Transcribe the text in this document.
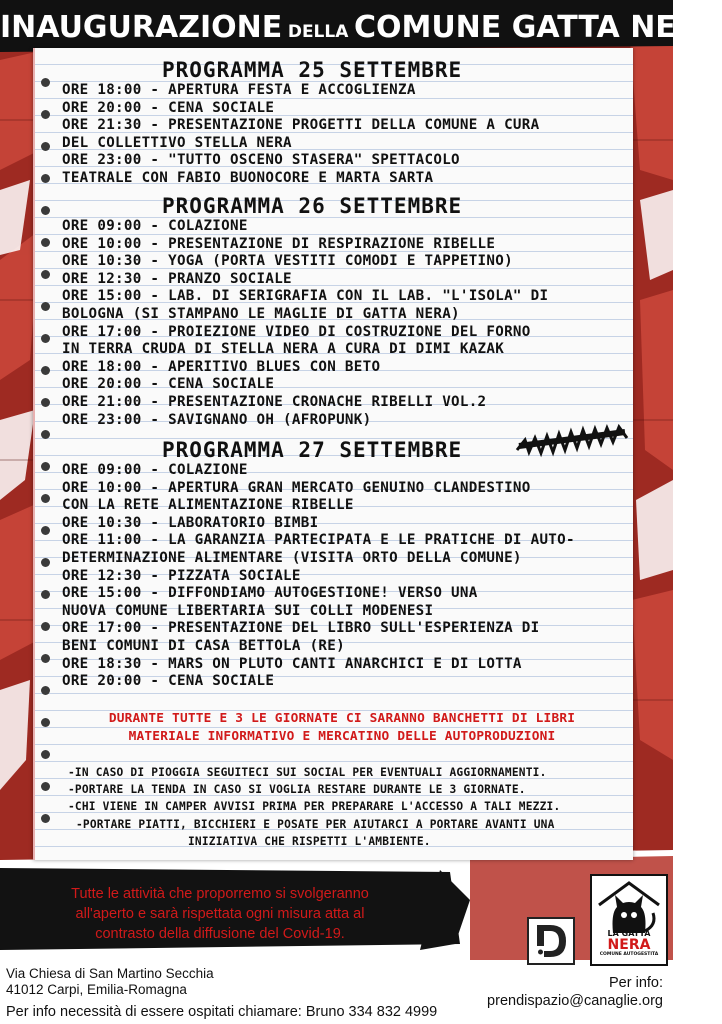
INAUGURAZIONE DELLA COMUNE GATTA NERA
PROGRAMMA 25 SETTEMBRE
ORE 18:00 - APERTURA FESTA E ACCOGLIENZA
ORE 20:00 - CENA SOCIALE
ORE 21:30 - PRESENTAZIONE PROGETTI DELLA COMUNE A CURA
DEL COLLETTIVO STELLA NERA
ORE 23:00 - "TUTTO OSCENO STASERA" SPETTACOLO
TEATRALE CON FABIO BUONOCORE E MARTA SARTA
PROGRAMMA 26 SETTEMBRE
ORE 09:00 - COLAZIONE
ORE 10:00 - PRESENTAZIONE DI RESPIRAZIONE RIBELLE
ORE 10:30 - YOGA (PORTA VESTITI COMODI E TAPPETINO)
ORE 12:30 - PRANZO SOCIALE
ORE 15:00 - LAB. DI SERIGRAFIA CON IL LAB. "L'ISOLA" DI
BOLOGNA (SI STAMPANO LE MAGLIE DI GATTA NERA)
ORE 17:00 - PROIEZIONE VIDEO DI COSTRUZIONE DEL FORNO
IN TERRA CRUDA DI STELLA NERA A CURA DI DIMI KAZAK
ORE 18:00 - APERITIVO BLUES CON BETO
ORE 20:00 - CENA SOCIALE
ORE 21:00 - PRESENTAZIONE CRONACHE RIBELLI VOL.2
ORE 23:00 - SAVIGNANO OH (AFROPUNK)
PROGRAMMA 27 SETTEMBRE
ORE 09:00 - COLAZIONE
ORE 10:00 - APERTURA GRAN MERCATO GENUINO CLANDESTINO
CON LA RETE ALIMENTAZIONE RIBELLE
ORE 10:30 - LABORATORIO BIMBI
ORE 11:00 - LA GARANZIA PARTECIPATA E LE PRATICHE DI AUTO-
DETERMINAZIONE ALIMENTARE (VISITA ORTO DELLA COMUNE)
ORE 12:30 - PIZZATA SOCIALE
ORE 15:00 - DIFFONDIAMO AUTOGESTIONE! VERSO UNA
NUOVA COMUNE LIBERTARIA SUI COLLI MODENESI
ORE 17:00 - PRESENTAZIONE DEL LIBRO SULL'ESPERIENZA DI
BENI COMUNI DI CASA BETTOLA (RE)
ORE 18:30 - MARS ON PLUTO CANTI ANARCHICI E DI LOTTA
ORE 20:00 - CENA SOCIALE
DURANTE TUTTE E 3 LE GIORNATE CI SARANNO BANCHETTI DI LIBRI
MATERIALE INFORMATIVO E MERCATINO DELLE AUTOPRODUZIONI
-IN CASO DI PIOGGIA SEGUITECI SUI SOCIAL PER EVENTUALI AGGIORNAMENTI.
-PORTARE LA TENDA IN CASO SI VOGLIA RESTARE DURANTE LE 3 GIORNATE.
-CHI VIENE IN CAMPER AVVISI PRIMA PER PREPARARE L'ACCESSO A TALI MEZZI.
-PORTARE PIATTI, BICCHIERI E POSATE PER AIUTARCI A PORTARE AVANTI UNA
INIZIATIVA CHE RISPETTI L'AMBIENTE.
Tutte le attività che proporremo si svolgeranno
all'aperto e sarà rispettata ogni misura atta al
contrasto della diffusione del Covid-19.	LA GATTA
NERA
COMUNE AUTOGESTITA
Via Chiesa di San Martino Secchia
41012 Carpi, Emilia-Romagna	Per info:
prendispazio@canaglie.org
Per info necessità di essere ospitati chiamare: Bruno 334 832 4999
